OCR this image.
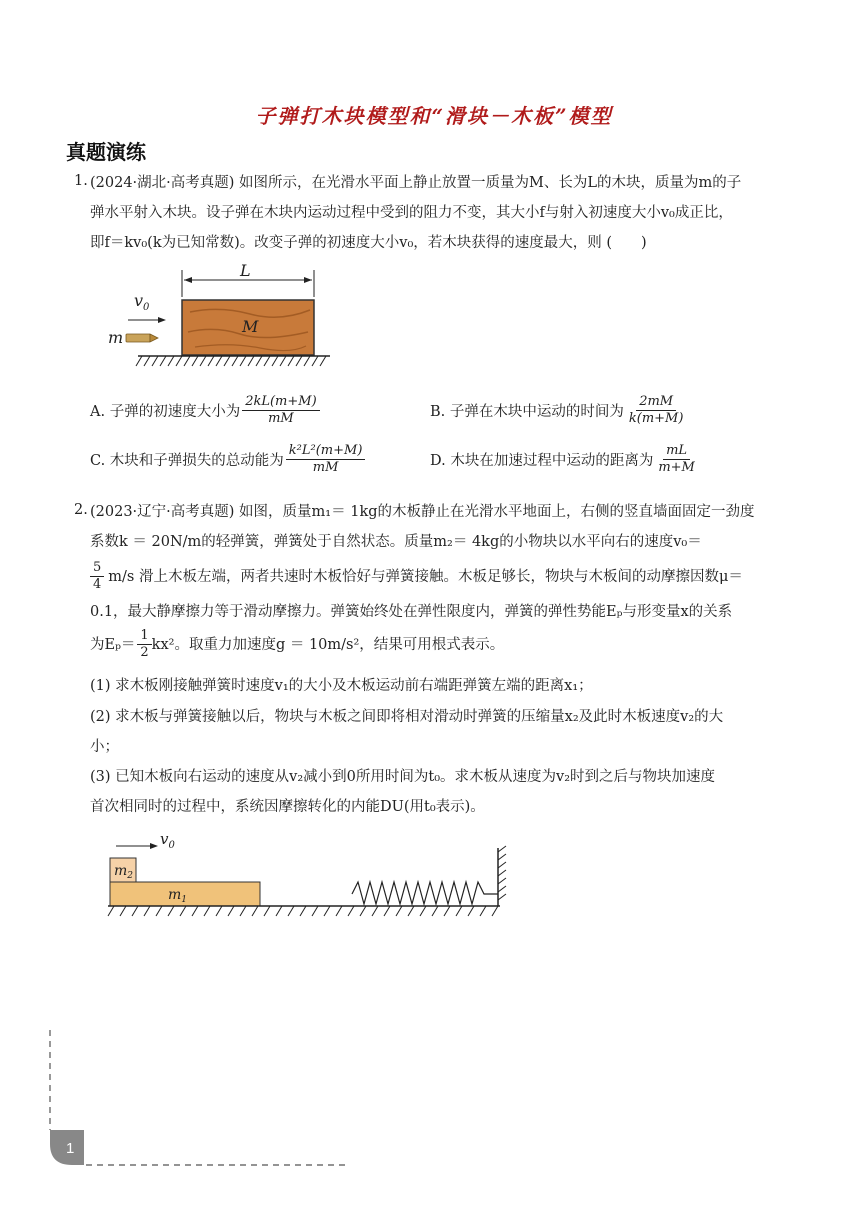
子弹打木块模型和“滑块－木板”模型
真题演练
1. (2024·湖北·高考真题) 如图所示，在光滑水平面上静止放置一质量为M、长为L的木块，质量为m的子
弹水平射入木块。设子弹在木块内运动过程中受到的阻力不变，其大小f与射入初速度大小v₀成正比，
即f＝kv₀(k为已知常数)。改变子弹的初速度大小v₀，若木块获得的速度最大，则 (　　)
L
M
$v_0$
m
A. 子弹的初速度大小为 $\frac{2kL(m+M)}{mM}$	B. 子弹在木块中运动的时间为 $\frac{2mM}{k(m+M)}$
C. 木块和子弹损失的总动能为 $\frac{\text{k²L²(m+M)}}{mM}$	D. 木块在加速过程中运动的距离为 $\frac{mL}{m+M}$
2. (2023·辽宁·高考真题) 如图，质量m₁＝ 1kg的木板静止在光滑水平地面上，右侧的竖直墙面固定一劲度
系数k ＝ 20N/m的轻弹簧，弹簧处于自然状态。质量m₂＝ 4kg的小物块以水平向右的速度v₀＝
$\frac{5}{4} m/s$ 滑上木板左端，两者共速时木板恰好与弹簧接触。木板足够长，物块与木板间的动摩擦因数μ＝
0.1，最大静摩擦力等于滑动摩擦力。弹簧始终处在弹性限度内，弹簧的弹性势能Eₚ与形变量x的关系
为$E_p= \frac{1}{2} kx^2$。取重力加速度g ＝ 10m/s²，结果可用根式表示。
(1) 求木板刚接触弹簧时速度v₁的大小及木板运动前右端距弹簧左端的距离x₁；
(2) 求木板与弹簧接触以后，物块与木板之间即将相对滑动时弹簧的压缩量x₂及此时木板速度v₂的大
小；
(3) 已知木板向右运动的速度从v₂减小到0所用时间为t₀。求木板从速度为v₂时到之后与物块加速度
首次相同时的过程中，系统因摩擦转化的内能DU(用t₀表示)。
$v_0$
$m_2$
$m_1$
1
